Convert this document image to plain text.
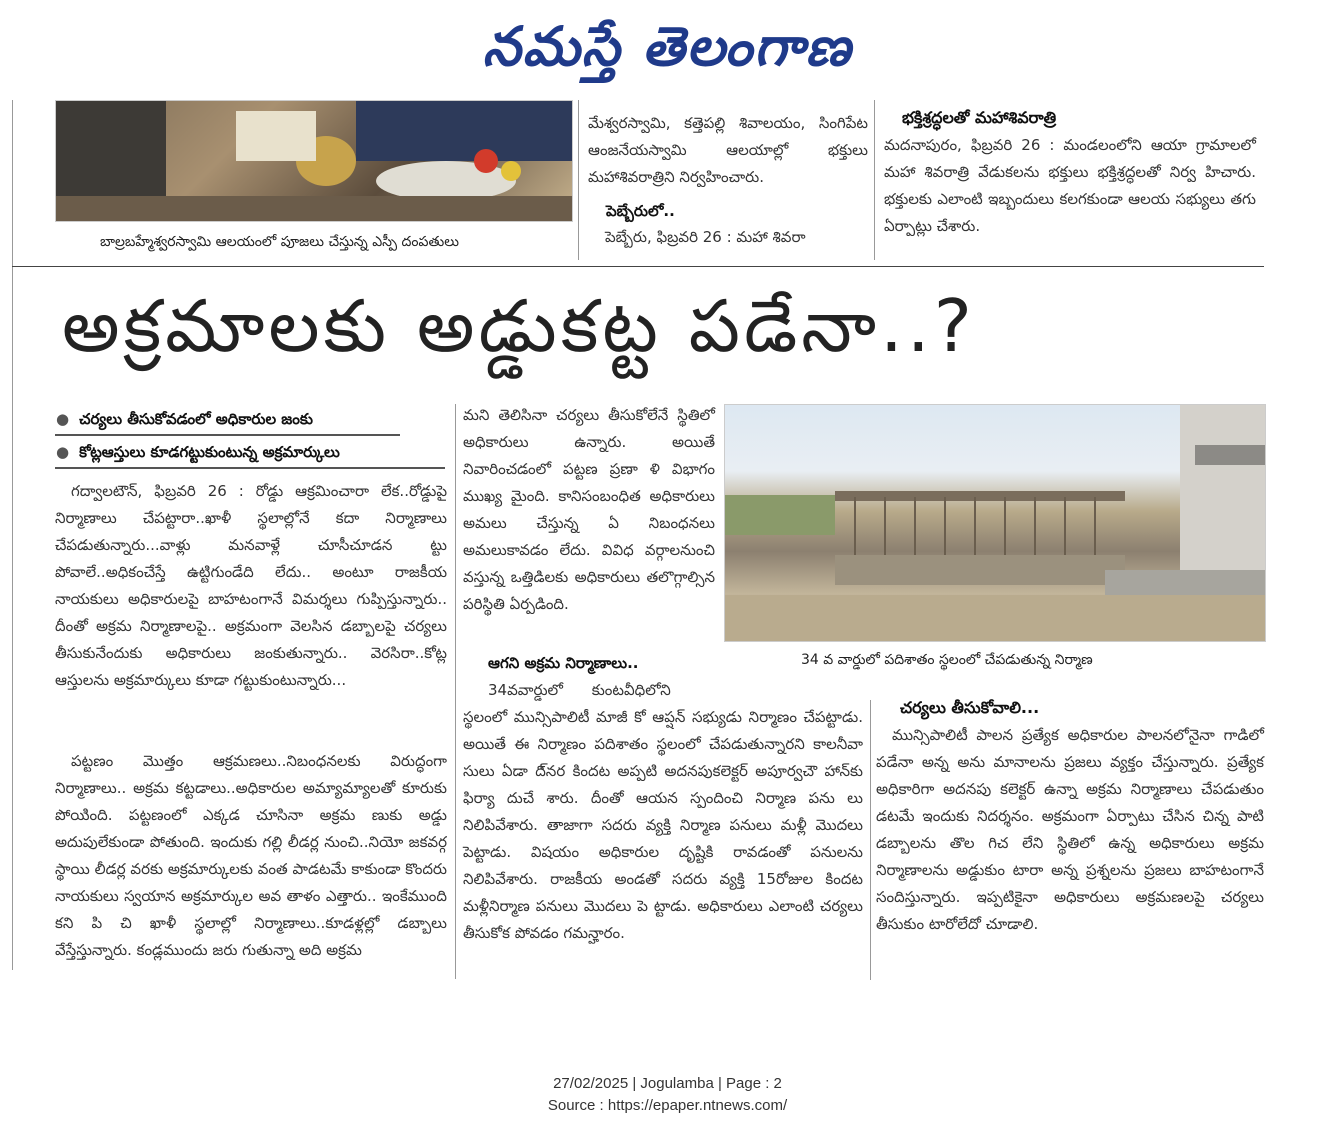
నమస్తే తెలంగాణ
బాల్రబహ్మేశ్వరస్వామి ఆలయంలో పూజలు చేస్తున్న ఎస్పీ దంపతులు
మేశ్వరస్వామి, కత్తెపల్లి శివాలయం, సింగిపేట ఆంజనేయస్వామి ఆలయాల్లో భక్తులు మహాశివరాత్రిని నిర్వహించారు.
పెబ్బేరులో..
పెబ్బేరు, ఫిబ్రవరి 26 : మహా శివరా
భక్తిశ్రద్ధలతో మహాశివరాత్రి
మదనాపురం, ఫిబ్రవరి 26 : మండలంలోని ఆయా గ్రామాలలో మహా శివరాత్రి వేడుకలను భక్తులు భక్తిశ్రద్ధలతో నిర్వ హిచారు. భక్తులకు ఎలాంటి ఇబ్బందులు కలగకుండా ఆలయ సభ్యులు తగు ఏర్పాట్లు చేశారు.
అక్రమాలకు అడ్డుకట్ట పడేనా..?
● చర్యలు తీసుకోవడంలో అధికారుల జంకు
● కోట్లఆస్తులు కూడగట్టుకుంటున్న అక్రమార్కులు
గద్వాలటౌన్, ఫిబ్రవరి 26 : రోడ్డు ఆక్రమించారా లేక..రోడ్డుపై నిర్మాణాలు చేపట్టారా..ఖాళీ స్థలాల్లోనే కదా నిర్మాణాలు చేపడుతున్నారు...వాళ్లు మనవాళ్లే చూసీచూడన ట్టు పోవాలే..అధికంచేస్తే ఉట్టిగుండేది లేదు.. అంటూ రాజకీయ నాయకులు అధికారులపై బాహటంగానే విమర్శలు గుప్పిస్తున్నారు.. దీంతో అక్రమ నిర్మాణాలపై.. అక్రమంగా వెలసిన డబ్బాలపై చర్యలు తీసుకునేందుకు అధికారులు జంకుతున్నారు.. వెరసిరా..కోట్ల ఆస్తులను అక్రమార్కులు కూడా గట్టుకుంటున్నారు...
పట్టణం మొత్తం ఆక్రమణలు..నిబంధనలకు విరుద్ధంగా నిర్మాణాలు.. అక్రమ కట్టడాలు..అధికారుల అమ్యామ్యాలతో కూరుకు పోయిింది. పట్టణంలో ఎక్కడ చూసినా అక్రమ ణుకు అడ్డు అదుపులేకుండా పోతుంది. ఇందుకు గల్లి లీడర్ల నుంచి..నియో జకవర్గ స్థాయి లీడర్ల వరకు అక్రమార్కులకు వంత పాడటమే కాకుండా కొందరు నాయకులు స్వయాన అక్రమార్కుల అవ తాళం ఎత్తారు.. ఇంకేముంది కని పి చి ఖాళీ స్థలాల్లో నిర్మాణాలు..కూడళ్లల్లో డబ్బాలు వేస్తేస్తున్నారు. కండ్లముందు జరు గుతున్నా అది అక్రమ
మని తెలిసినా చర్యలు తీసుకోలేనే స్థితిలో అధికారులు ఉన్నారు. అయితే నివారించడంలో పట్టణ ప్రణా ళి విభాగం ముఖ్య మైంది. కానిసంబంధిత అధికారులు అమలు చేస్తున్న ఏ నిబంధనలు అమలుకావడం లేదు. వివిధ వర్గాలనుంచి వస్తున్న ఒత్తిడిలకు అధికారులు తలొగ్గాల్సిన పరిస్థితి ఏర్పడింది.
ఆగని అక్రమ నిర్మాణాలు..
34వవార్డులో కుంటవీధిలోని
స్థలంలో మున్సిపాలిటీ మాజీ కో ఆప్షన్ సభ్యుడు నిర్మాణం చేపట్టాడు. అయితే ఈ నిర్మాణం పదిశాతం స్థలంలో చేపడుతున్నారని కాలనీవా సులు ఏడా ది్నర కిందట అప్పటి అదనపుకలెక్టర్ అపూర్వచౌ హాన్‌కు ఫిర్యా దుచే శారు. దీంతో ఆయన స్పందించి నిర్మాణ పను లు నిలిపివేశారు. తాజాగా సదరు వ్యక్తి నిర్మాణ పనులు మళ్లీ మొదలు పెట్టాడు. విషయం అధికారుల దృష్టికి రావడంతో పనులను నిలిపివేశారు. రాజకీయ అండతో సదరు వ్యక్తి 15రోజుల కిందట మళ్లీనిర్మాణ పనులు మొదలు పె ట్టాడు. అధికారులు ఎలాంటి చర్యలు తీసుకోక పోవడం గమన్హారం.
34 వ వార్డులో పదిశాతం స్థలంలో చేపడుతున్న నిర్మాణ
చర్యలు తీసుకోవాలి...
మున్సిపాలిటీ పాలన ప్రత్యేక అధికారుల పాలనలోనైనా గాడిలో పడేనా అన్న అను మానాలను ప్రజలు వ్యక్తం చేస్తున్నారు. ప్రత్యేక అధికారిగా అదనపు కలెక్టర్ ఉన్నా అక్రమ నిర్మాణాలు చేపడుతుం డటమే ఇందుకు నిదర్శనం. అక్రమంగా ఏర్పాటు చేసిన చిన్న పాటి డబ్బాలను తొల గిచ లేని స్థితిలో ఉన్న అధికారులు అక్రమ నిర్మాణాలను అడ్డుకుం టారా అన్న ప్రశ్నలను ప్రజలు బాహటంగానే సందిస్తున్నారు. ఇప్పటికైనా అధికారులు అక్రమణలపై చర్యలు తీసుకుం టారోలేదో చూడాలి.
27/02/2025 | Jogulamba | Page : 2
Source : https://epaper.ntnews.com/
